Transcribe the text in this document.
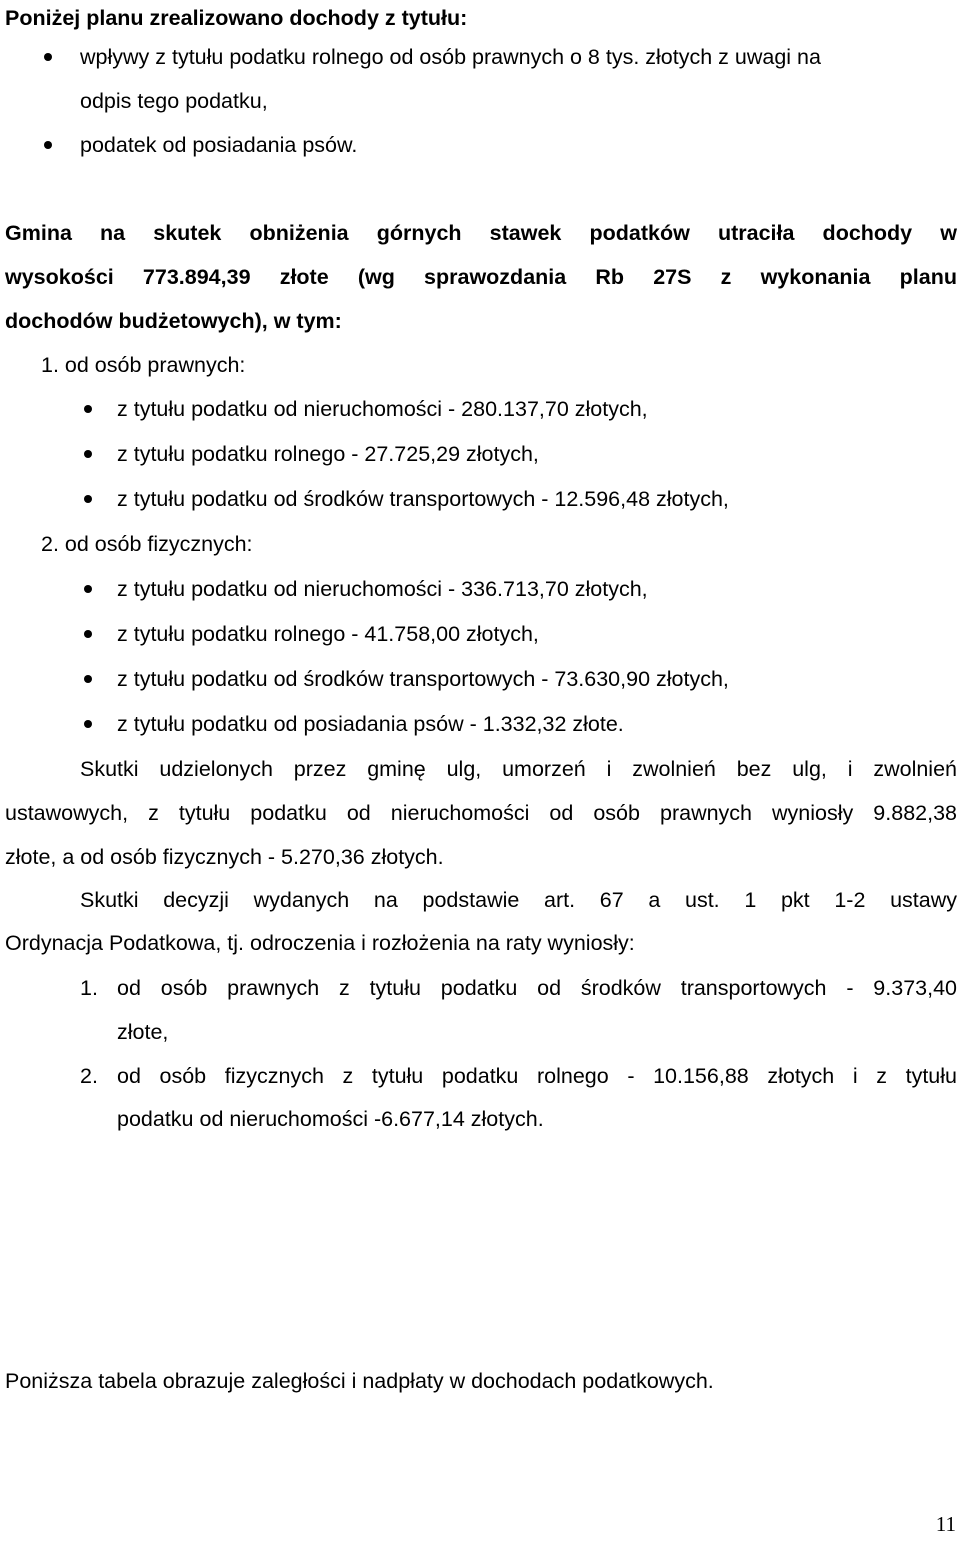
Poniżej planu zrealizowano dochody z tytułu:
wpływy z tytułu podatku rolnego od osób prawnych o 8 tys. złotych z uwagi na
odpis tego podatku,
podatek od posiadania psów.
Gmina na skutek obniżenia górnych stawek podatków utraciła dochody w
wysokości 773.894,39 złote (wg sprawozdania Rb 27S z wykonania planu
dochodów budżetowych), w tym:
1. od osób prawnych:
z tytułu podatku od nieruchomości - 280.137,70 złotych,
z tytułu podatku rolnego - 27.725,29 złotych,
z tytułu podatku od środków transportowych - 12.596,48 złotych,
2. od osób fizycznych:
z tytułu podatku od nieruchomości - 336.713,70 złotych,
z tytułu podatku rolnego - 41.758,00 złotych,
z tytułu podatku od środków transportowych - 73.630,90 złotych,
z tytułu podatku od posiadania psów - 1.332,32 złote.
Skutki udzielonych przez gminę ulg, umorzeń i zwolnień bez ulg, i zwolnień
ustawowych, z tytułu podatku od nieruchomości od osób prawnych wyniosły 9.882,38
złote, a od osób fizycznych - 5.270,36 złotych.
Skutki decyzji wydanych na podstawie art. 67 a ust. 1 pkt 1-2 ustawy
Ordynacja Podatkowa, tj. odroczenia i rozłożenia na raty wyniosły:
1. od osób prawnych z tytułu podatku od środków transportowych - 9.373,40
złote,
2. od osób fizycznych z tytułu podatku rolnego - 10.156,88 złotych i z tytułu
podatku od nieruchomości -6.677,14 złotych.
Poniższa tabela obrazuje zaległości i nadpłaty w dochodach podatkowych.
11
